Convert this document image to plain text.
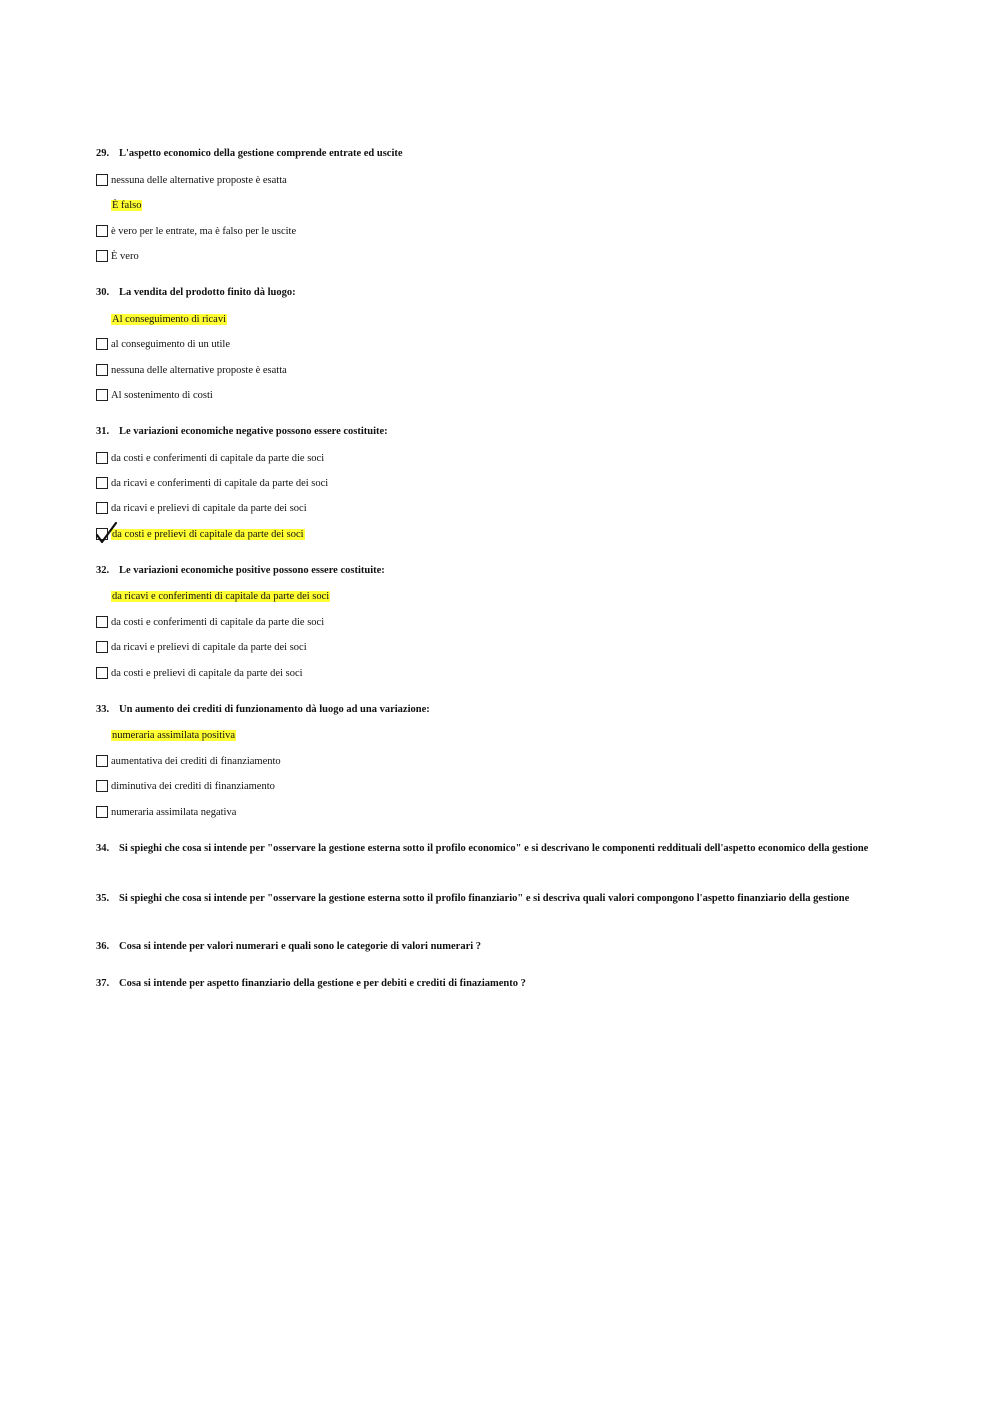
29. L'aspetto economico della gestione comprende entrate ed uscite
nessuna delle alternative proposte è esatta
È falso
è vero per le entrate, ma è falso per le uscite
È vero
30. La vendita del prodotto finito dà luogo:
Al conseguimento di ricavi
al conseguimento di un utile
nessuna delle alternative proposte è esatta
Al sostenimento di costi
31. Le variazioni economiche negative possono essere costituite:
da costi e conferimenti di capitale da parte die soci
da ricavi e conferimenti di capitale da parte dei soci
da ricavi e prelievi di capitale da parte dei soci
da costi e prelievi di capitale da parte dei soci
32. Le variazioni economiche positive possono essere costituite:
da ricavi e conferimenti di capitale da parte dei soci
da costi e conferimenti di capitale da parte die soci
da ricavi e prelievi di capitale da parte dei soci
da costi e prelievi di capitale da parte dei soci
33. Un aumento dei crediti di funzionamento dà luogo ad una variazione:
numeraria assimilata positiva
aumentativa dei crediti di finanziamento
diminutiva dei crediti di finanziamento
numeraria assimilata negativa
34. Si spieghi che cosa si intende per "osservare la gestione esterna sotto il profilo economico" e si descrivano le componenti reddituali dell'aspetto economico della gestione
35. Si spieghi che cosa si intende per "osservare la gestione esterna sotto il profilo finanziario" e si descriva quali valori compongono l'aspetto finanziario della gestione
36. Cosa si intende per valori numerari e quali sono le categorie di valori numerari ?
37. Cosa si intende per aspetto finanziario della gestione e per debiti e crediti di finaziamento ?
